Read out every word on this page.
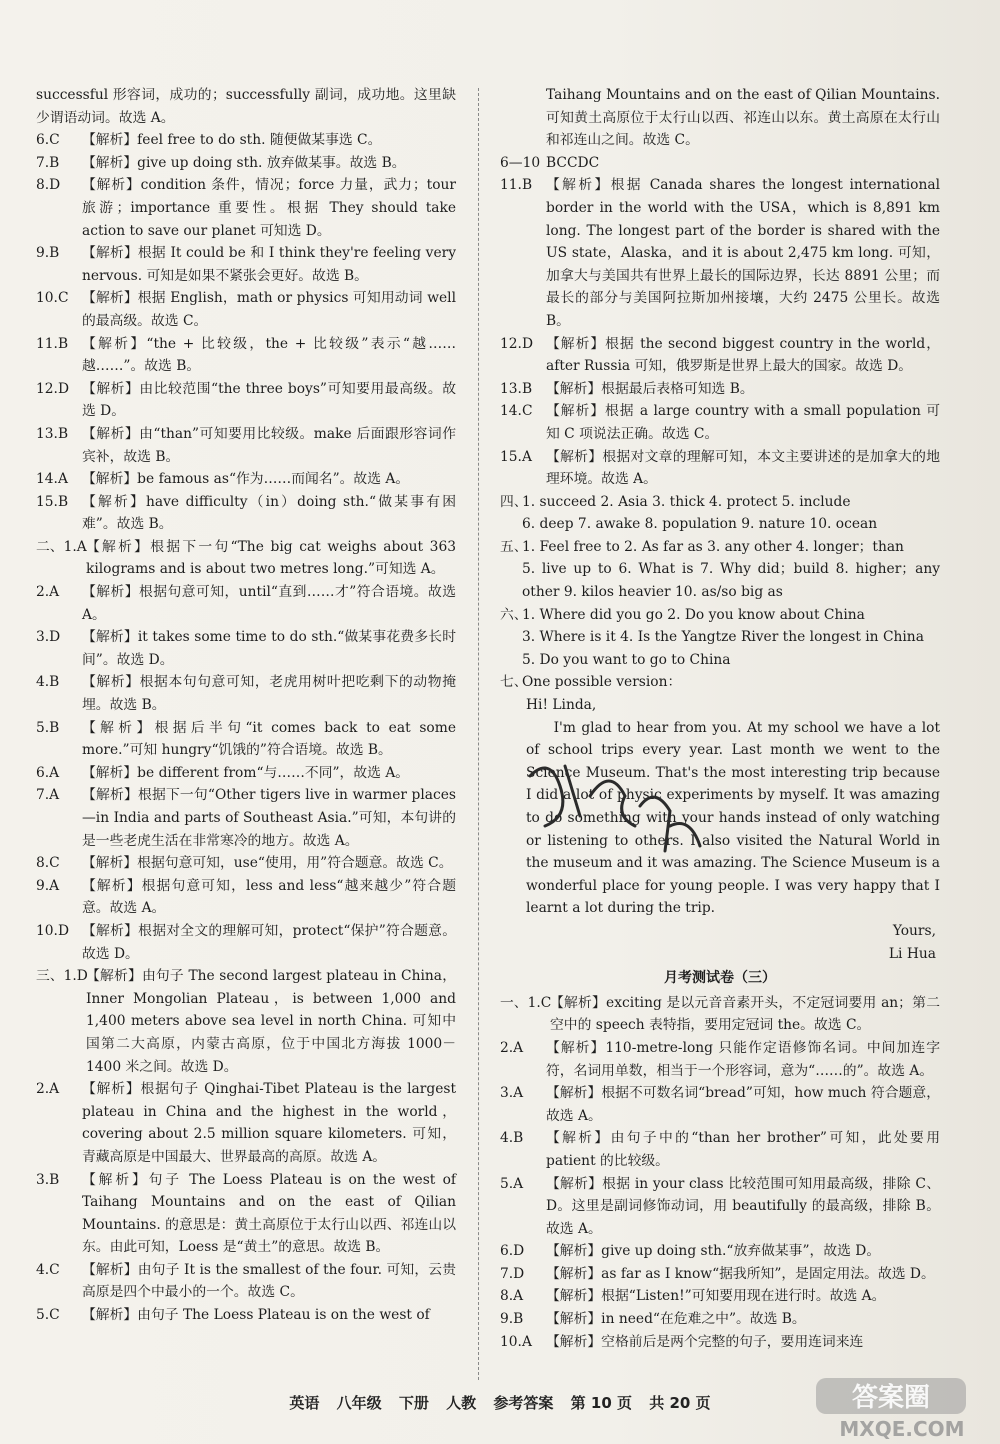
successful 形容词，成功的；successfully 副词，成功地。这里缺少谓语动词。故选 A。
6.C	【解析】feel free to do sth. 随便做某事选 C。
7.B	【解析】give up doing sth. 放弃做某事。故选 B。
8.D	【解析】condition 条件，情况；force 力量，武力；tour 旅游；importance 重要性。根据 They should take action to save our planet 可知选 D。
9.B	【解析】根据 It could be 和 I think they're feeling very nervous. 可知是如果不紧张会更好。故选 B。
10.C 【解析】根据 English，math or physics 可知用动词 well 的最高级。故选 C。
11.B	【解析】“the + 比较级，the + 比较级”表示“越……越……”。故选 B。
12.D 【解析】由比较范围“the three boys”可知要用最高级。故选 D。
13.B	【解析】由“than”可知要用比较级。make 后面跟形容词作宾补，故选 B。
14.A	【解析】be famous as“作为……而闻名”。故选 A。
15.B	【解析】have difficulty（in）doing sth.“做某事有困难”。故选 B。
二、1.A 【解析】根据下一句“The big cat weighs about 363 kilograms and is about two metres long.”可知选 A。
2.A	【解析】根据句意可知，until“直到……才”符合语境。故选 A。
3.D	【解析】it takes some time to do sth.“做某事花费多长时间”。故选 D。
4.B	【解析】根据本句句意可知，老虎用树叶把吃剩下的动物掩埋。故选 B。
5.B	【解析】根据后半句“it comes back to eat some more.”可知 hungry“饥饿的”符合语境。故选 B。
6.A	【解析】be different from“与……不同”，故选 A。
7.A	【解析】根据下一句“Other tigers live in warmer places—in India and parts of Southeast Asia.”可知，本句讲的是一些老虎生活在非常寒冷的地方。故选 A。
8.C	【解析】根据句意可知，use“使用，用”符合题意。故选 C。
9.A	【解析】根据句意可知，less and less“越来越少”符合题意。故选 A。
10.D 【解析】根据对全文的理解可知，protect“保护”符合题意。故选 D。
三、1.D
【解析】由句子 The second largest plateau in China，Inner Mongolian Plateau，is between 1,000 and 1,400 meters above sea level in north China. 可知中国第二大高原，内蒙古高原，位于中国北方海拔 1000－1400 米之间。故选 D。
2.A	【解析】根据句子 Qinghai-Tibet Plateau is the largest plateau in China and the highest in the world，covering about 2.5 million square kilometers. 可知，青藏高原是中国最大、世界最高的高原。故选 A。
3.B	【解析】句子 The Loess Plateau is on the west of Taihang Mountains and on the east of Qilian Mountains. 的意思是：黄土高原位于太行山以西、祁连山以东。由此可知，Loess 是“黄土”的意思。故选 B。
4.C	【解析】由句子 It is the smallest of the four. 可知，云贵高原是四个中最小的一个。故选 C。
5.C	【解析】由句子 The Loess Plateau is on the west of
Taihang Mountains and on the east of Qilian Mountains. 可知黄土高原位于太行山以西、祁连山以东。黄土高原在太行山和祁连山之间。故选 C。
6—10 BCCDC
11.B	【解析】根据 Canada shares the longest international border in the world with the USA，which is 8,891 km long. The longest part of the border is shared with the US state，Alaska，and it is about 2,475 km long. 可知，加拿大与美国共有世界上最长的国际边界，长达 8891 公里；而最长的部分与美国阿拉斯加州接壤，大约 2475 公里长。故选 B。
12.D 【解析】根据 the second biggest country in the world，after Russia 可知，俄罗斯是世界上最大的国家。故选 D。
13.B	【解析】根据最后表格可知选 B。
14.C 【解析】根据 a large country with a small population 可知 C 项说法正确。故选 C。
15.A	【解析】根据对文章的理解可知，本文主要讲述的是加拿大的地理环境。故选 A。
四、
1. succeed 2. Asia 3. thick 4. protect 5. include
6. deep 7. awake 8. population 9. nature 10. ocean
五、
1. Feel free to 2. As far as 3. any other 4. longer；than
5. live up to 6. What is 7. Why did；build 8. higher；any other 9. kilos heavier 10. as/so big as
六、
1. Where did you go 2. Do you know about China
3. Where is it 4. Is the Yangtze River the longest in China
5. Do you want to go to China
七、
One possible version：
Hi! Linda,
I'm glad to hear from you. At my school we have a lot of school trips every year. Last month we went to the Science Museum. That's the most interesting trip because I did a lot of physic experiments by myself. It was amazing to do something with your hands instead of only watching or listening to others. I also visited the Natural World in the museum and it was amazing. The Science Museum is a wonderful place for young people. I was very happy that I learnt a lot during the trip.
Yours,
Li Hua
月考测试卷（三）
一、1.C
【解析】exciting 是以元音音素开头，不定冠词要用 an；第二空中的 speech 表特指，要用定冠词 the。故选 C。
2.A	【解析】110-metre-long 只能作定语修饰名词。中间加连字符，名词用单数，相当于一个形容词，意为“……的”。故选 A。
3.A	【解析】根据不可数名词“bread”可知，how much 符合题意，故选 A。
4.B	【解析】由句子中的“than her brother”可知，此处要用 patient 的比较级。
5.A	【解析】根据 in your class 比较范围可知用最高级，排除 C、D。这里是副词修饰动词，用 beautifully 的最高级，排除 B。故选 A。
6.D	【解析】give up doing sth.“放弃做某事”，故选 D。
7.D	【解析】as far as I know“据我所知”，是固定用法。故选 D。
8.A	【解析】根据“Listen!”可知要用现在进行时。故选 A。
9.B	【解析】in need“在危难之中”。故选 B。
10.A	【解析】空格前后是两个完整的句子，要用连词来连
英语 八年级 下册 人教 参考答案 第 10 页 共 20 页	答案圈
MXQE.COM
